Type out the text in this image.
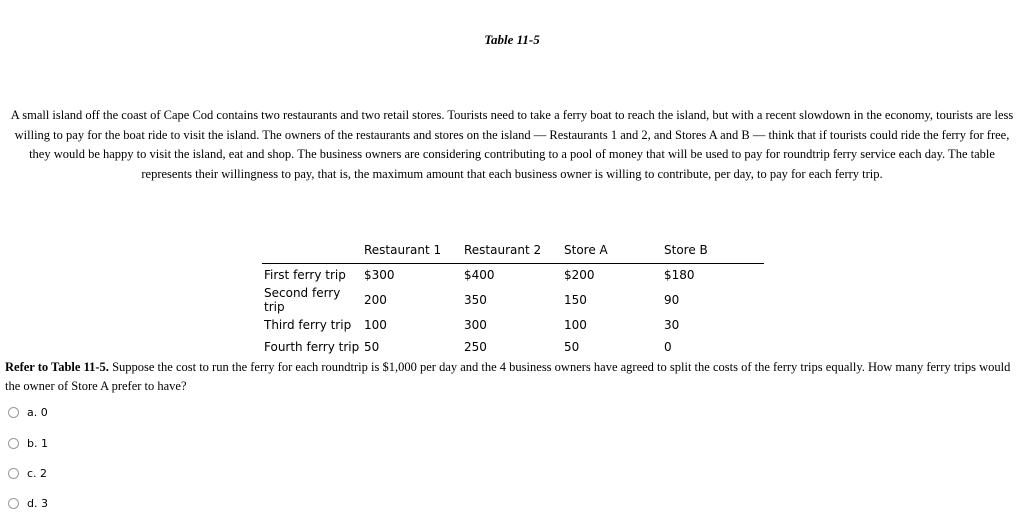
Table 11-5

A small island off the coast of Cape Cod contains two restaurants and two retail stores. Tourists need to take a ferry boat to reach the island, but with a recent slowdown in the economy, tourists are less willing to pay for the boat ride to visit the island. The owners of the restaurants and stores on the island — Restaurants 1 and 2, and Stores A and B — think that if tourists could ride the ferry for free, they would be happy to visit the island, eat and shop. The business owners are considering contributing to a pool of money that will be used to pay for roundtrip ferry service each day. The table represents their willingness to pay, that is, the maximum amount that each business owner is willing to contribute, per day, to pay for each ferry trip.

	Restaurant 1	Restaurant 2	Store A	Store B
First ferry trip	$300	$400	$200	$180
Second ferry trip	200	350	150	90
Third ferry trip	100	300	100	30
Fourth ferry trip	50	250	50	0

Refer to Table 11-5. Suppose the cost to run the ferry for each roundtrip is $1,000 per day and the 4 business owners have agreed to split the costs of the ferry trips equally. How many ferry trips would the owner of Store A prefer to have?

a. 0
b. 1
c. 2
d. 3
